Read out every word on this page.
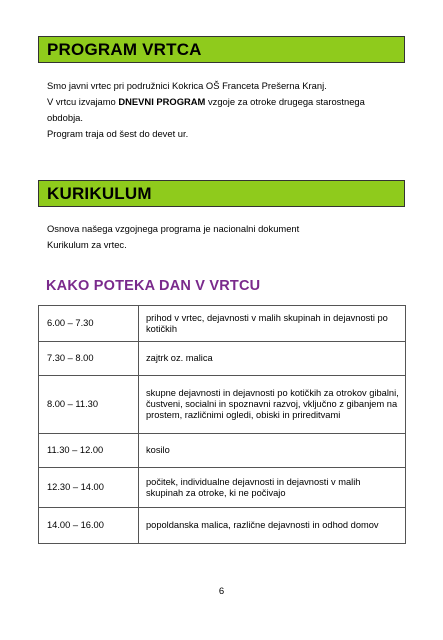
PROGRAM VRTCA

Smo javni vrtec pri podružnici Kokrica OŠ Franceta Prešerna Kranj.

V vrtcu izvajamo DNEVNI PROGRAM vzgoje za otroke drugega starostnega

obdobja.

Program traja od šest do devet ur.

KURIKULUM

Osnova našega vzgojnega programa je nacionalni dokument

Kurikulum za vrtec.

KAKO POTEKA DAN V VRTCU
6.00 – 7.30	prihod v vrtec, dejavnosti v malih skupinah in dejavnosti po kotičkih
7.30 – 8.00	zajtrk oz. malica
8.00 – 11.30	skupne dejavnosti in dejavnosti po kotičkih za otrokov gibalni, čustveni, socialni in spoznavni razvoj, vključno z gibanjem na prostem, različnimi ogledi, obiski in prireditvami
11.30 – 12.00	kosilo
12.30 – 14.00	počitek, individualne dejavnosti in dejavnosti v malih skupinah za otroke, ki ne počivajo
14.00 – 16.00	popoldanska malica, različne dejavnosti in odhod domov
6
